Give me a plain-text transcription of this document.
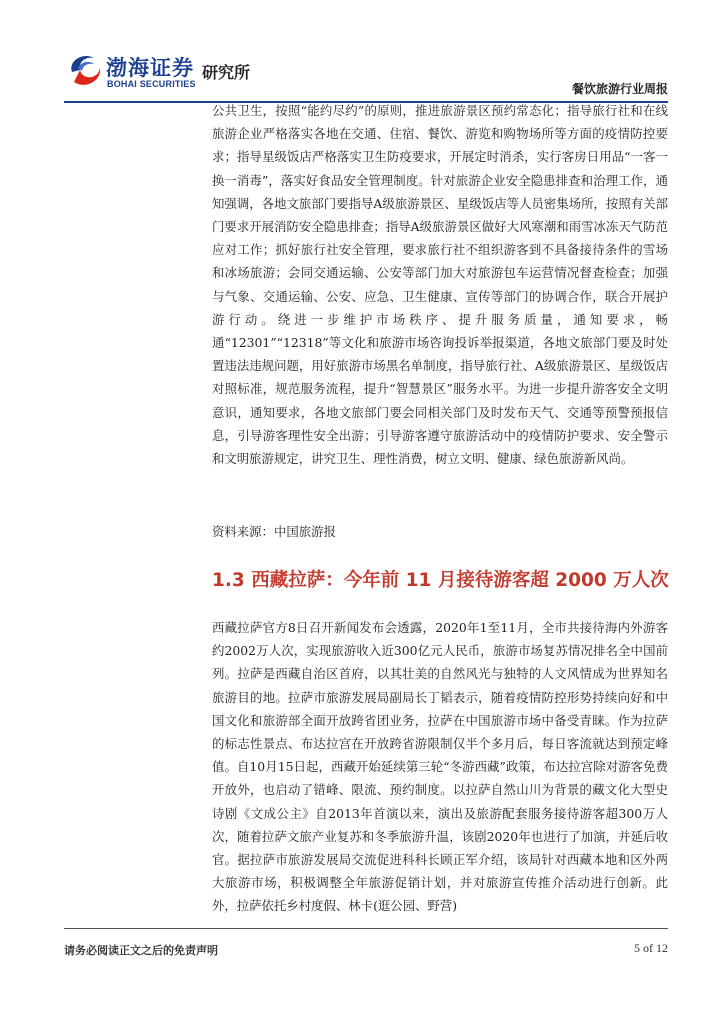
渤海证券
BOHAI SECURITIES
研究所
餐饮旅游行业周报

公共卫生，按照“能约尽约”的原则，推进旅游景区预约常态化；指导旅行社和在线旅游企业严格落实各地在交通、住宿、餐饮、游览和购物场所等方面的疫情防控要求；指导星级饭店严格落实卫生防疫要求，开展定时消杀，实行客房日用品“一客一换一消毒”，落实好食品安全管理制度。针对旅游企业安全隐患排查和治理工作，通知强调，各地文旅部门要指导A级旅游景区、星级饭店等人员密集场所，按照有关部门要求开展消防安全隐患排查；指导A级旅游景区做好大风寒潮和雨雪冰冻天气防范应对工作；抓好旅行社安全管理，要求旅行社不组织游客到不具备接待条件的雪场和冰场旅游；会同交通运输、公安等部门加大对旅游包车运营情况督查检查；加强与气象、交通运输、公安、应急、卫生健康、宣传等部门的协调合作，联合开展护游行动。绕进一步维护市场秩序、提升服务质量，通知要求，畅通“12301”“12318”等文化和旅游市场咨询投诉举报渠道，各地文旅部门要及时处置违法违规问题，用好旅游市场黑名单制度，指导旅行社、A级旅游景区、星级饭店对照标准，规范服务流程，提升“智慧景区”服务水平。为进一步提升游客安全文明意识，通知要求，各地文旅部门要会同相关部门及时发布天气、交通等预警预报信息，引导游客理性安全出游；引导游客遵守旅游活动中的疫情防护要求、安全警示和文明旅游规定，讲究卫生、理性消费，树立文明、健康、绿色旅游新风尚。

资料来源：中国旅游报
1.3 西藏拉萨：今年前 11 月接待游客超 2000 万人次

西藏拉萨官方8日召开新闻发布会透露，2020年1至11月，全市共接待海内外游客约2002万人次，实现旅游收入近300亿元人民币，旅游市场复苏情况排名全中国前列。拉萨是西藏自治区首府，以其壮美的自然风光与独特的人文风情成为世界知名旅游目的地。拉萨市旅游发展局副局长丁韬表示，随着疫情防控形势持续向好和中国文化和旅游部全面开放跨省团业务，拉萨在中国旅游市场中备受青睐。作为拉萨的标志性景点、布达拉宫在开放跨省游限制仅半个多月后，每日客流就达到预定峰值。自10月15日起，西藏开始延续第三轮“冬游西藏”政策，布达拉宫除对游客免费开放外，也启动了错峰、限流、预约制度。以拉萨自然山川为背景的藏文化大型史诗剧《文成公主》自2013年首演以来，演出及旅游配套服务接待游客超300万人次，随着拉萨文旅产业复苏和冬季旅游升温，该剧2020年也进行了加演，并延后收官。据拉萨市旅游发展局交流促进科科长顾正军介绍，该局针对西藏本地和区外两大旅游市场，积极调整全年旅游促销计划，并对旅游宣传推介活动进行创新。此外，拉萨依托乡村度假、林卡(逛公园、野营)

请务必阅读正文之后的免责声明	5 of 12
